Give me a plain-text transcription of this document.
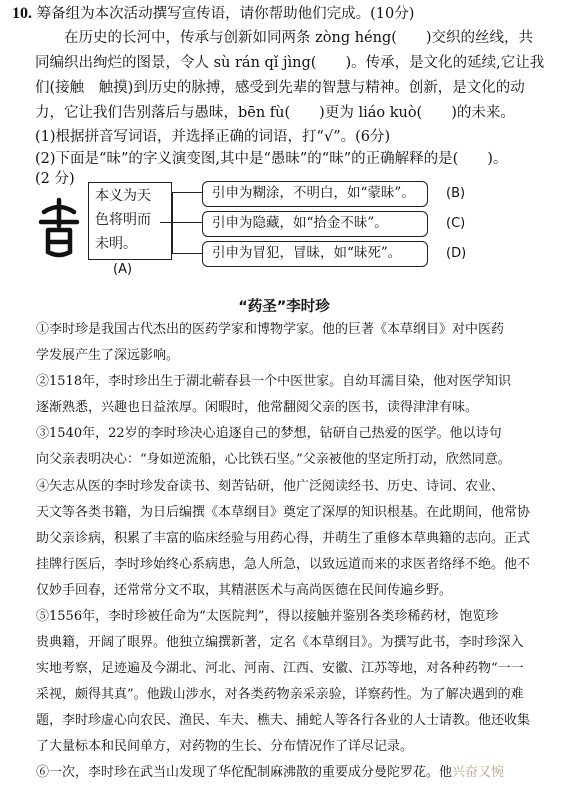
10. 筹备组为本次活动撰写宣传语，请你帮助他们完成。(10分)
在历史的长河中，传承与创新如同两条 zòng héng(　　)交织的丝线，共
同编织出绚烂的图景，令人 sù rán qǐ jìng(　　)。传承，是文化的延续,它让我
们(接触　触摸)到历史的脉搏，感受到先辈的智慧与精神。创新，是文化的动
力，它让我们告别落后与愚昧，bēn fù(　　)更为 liáo kuò(　　)的未来。
(1)根据拼音写词语，并选择正确的词语，打“√”。(6分)
(2)下面是“昧”的字义演变图,其中是“愚昧”的“昧”的正确解释的是(　　)。
(2 分)
本义为天
色将明而
未明。
(A)
引申为糊涂，不明白，如“蒙昧”。 (B)
引申为隐藏，如“拾金不昧”。	(C)
引申为冒犯，冒昧，如“昧死”。	(D)
“药圣”李时珍
①李时珍是我国古代杰出的医药学家和博物学家。他的巨著《本草纲目》对中医药
学发展产生了深远影响。
②1518年，李时珍出生于湖北蕲春县一个中医世家。自幼耳濡目染，他对医学知识
逐渐熟悉，兴趣也日益浓厚。闲暇时，他常翻阅父亲的医书，读得津津有味。
③1540年，22岁的李时珍决心追逐自己的梦想，钻研自己热爱的医学。他以诗句
向父亲表明决心：“身如逆流船，心比铁石坚。”父亲被他的坚定所打动，欣然同意。
④矢志从医的李时珍发奋读书、刻苦钻研，他广泛阅读经书、历史、诗词、农业、
天文等各类书籍，为日后编撰《本草纲目》奠定了深厚的知识根基。在此期间，他常协
助父亲诊病，积累了丰富的临床经验与用药心得，并萌生了重修本草典籍的志向。正式
挂牌行医后，李时珍始终心系病患，急人所急，以致远道而来的求医者络绎不绝。他不
仅妙手回春，还常常分文不取，其精湛医术与高尚医德在民间传遍乡野。
⑤1556年，李时珍被任命为“太医院判”，得以接触并鉴别各类珍稀药材，饱览珍
贵典籍，开阔了眼界。他独立编撰新著，定名《本草纲目》。为撰写此书，李时珍深入
实地考察，足迹遍及今湖北、河北、河南、江西、安徽、江苏等地，对各种药物“一一
采视，颇得其真”。他跋山涉水，对各类药物亲采亲验，详察药性。为了解决遇到的难
题，李时珍虚心向农民、渔民、车夫、樵夫、捕蛇人等各行各业的人士请教。他还收集
了大量标本和民间单方，对药物的生长、分布情况作了详尽记录。
⑥一次，李时珍在武当山发现了华佗配制麻沸散的重要成分曼陀罗花。他兴奋又惋
